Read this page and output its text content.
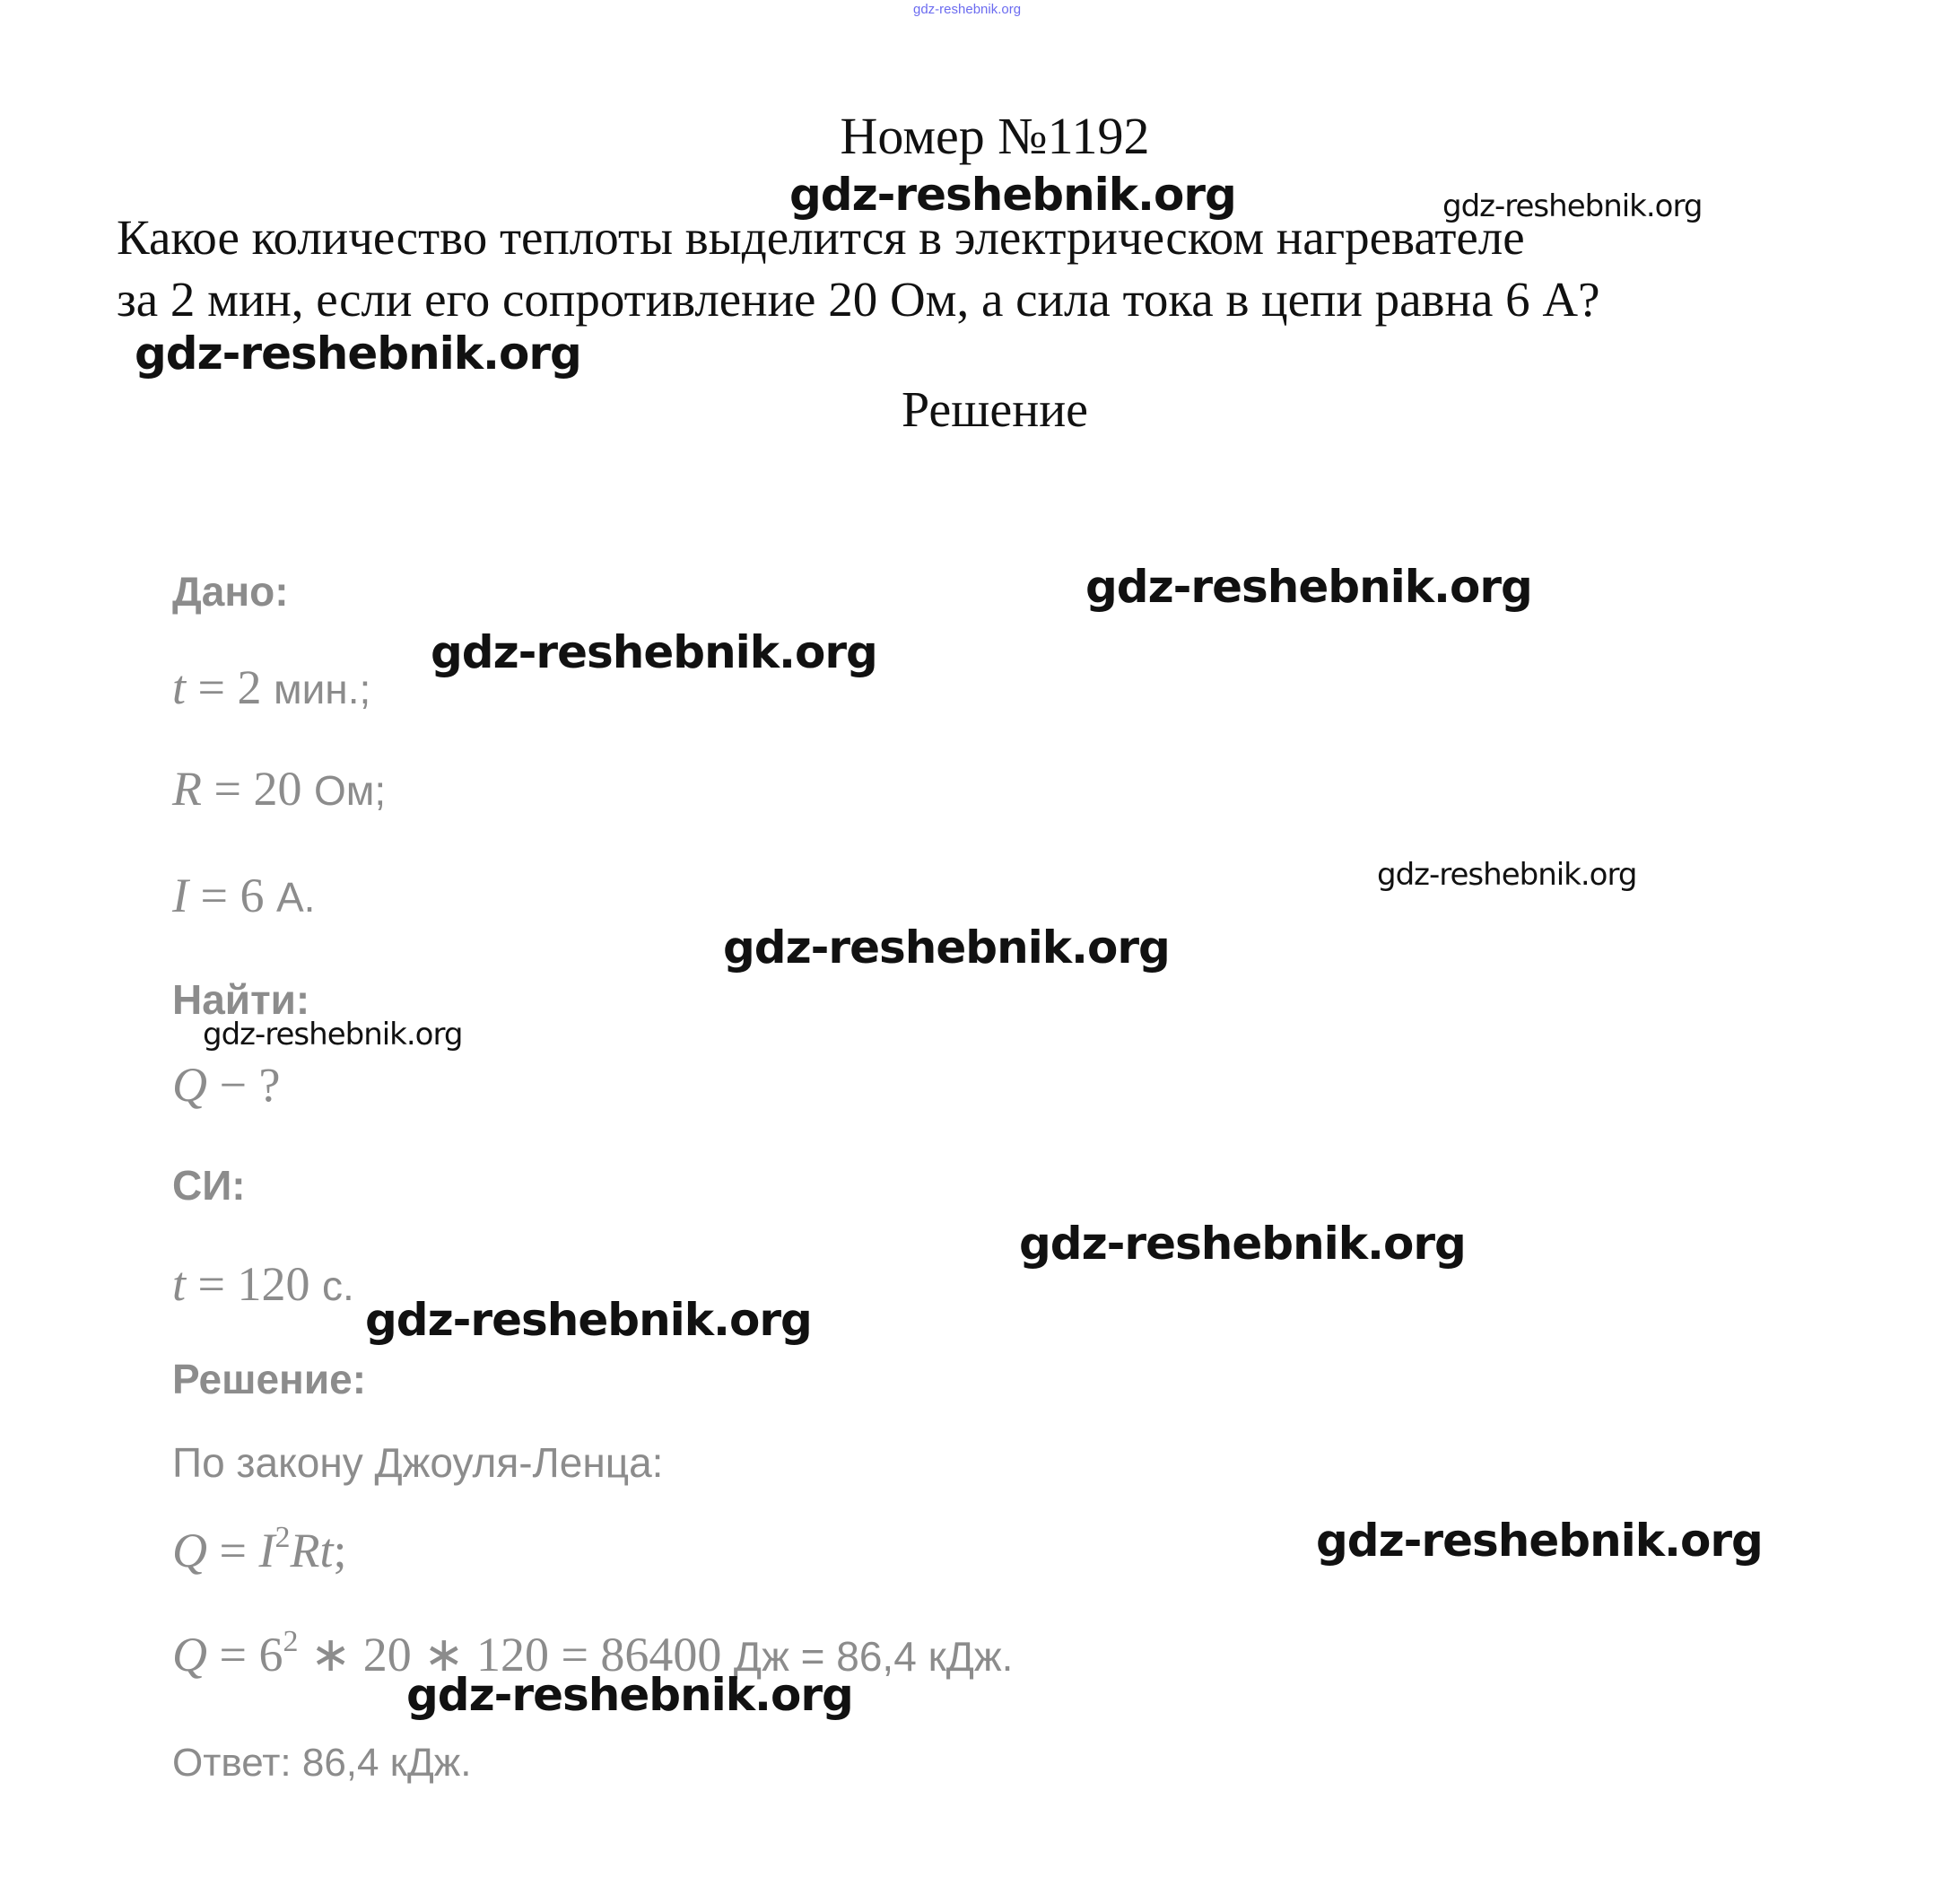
gdz-reshebnik.org
Номер №1192
Какое количество теплоты выделится в электрическом нагревателе
за 2 мин, если его сопротивление 20 Ом, а сила тока в цепи равна 6 А?
Решение
Дано:
t = 2 мин.;
R = 20 Ом;
I = 6 А.
Найти:
Q − ?
СИ:
t = 120 с.
Решение:
По закону Джоуля-Ленца:
$Q = I^2Rt$;
$Q = 6^2$ ∗ 20 ∗ 120 = 86400 Дж = 86,4 кДж.
Ответ: 86,4 кДж.
gdz-reshebnik.org	gdz-reshebnik.org
gdz-reshebnik.org
gdz-reshebnik.org
gdz-reshebnik.org
gdz-reshebnik.org
gdz-reshebnik.org
gdz-reshebnik.org
gdz-reshebnik.org
gdz-reshebnik.org
gdz-reshebnik.org
gdz-reshebnik.org
